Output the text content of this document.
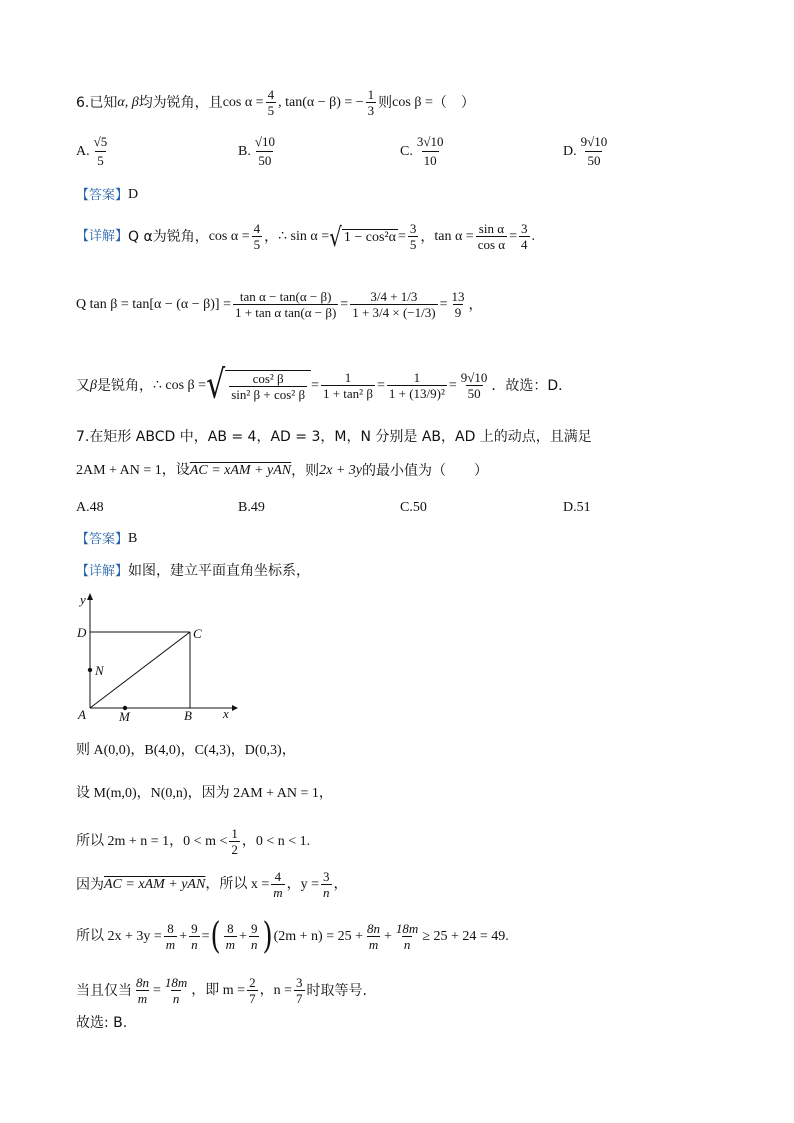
6.已知 α, β 均为锐角，且 $\cos \alpha = \frac{4}{5}$ , tan(α − β) = − $\frac{1}{3}$ 则 cos β = （　）
A.
√5
5
B.
√10
50
C.
3√10
10
D.
9√10
50
【答案】 D
【详解】 Q α为锐角， $\cos \alpha = \frac{4}{5}$ ， ∴ sin α = √ $1 - \cos^2\alpha = \frac{3}{5}$ ， $\tan \alpha = \frac{\text{sin α}}{\text{cos α}} = \frac{3}{4}$ .
Q $\tan \beta = \tan[\alpha - (\alpha - \beta)] = \frac{\text{tan α − tan(α − β)}}{\text{1 + tan α tan(α − β)}} = \frac{3/4 + 1/3}{1 + 3/4 \times (-1/3)} = \frac{13}{9}$ ，
又 β 是锐角， ∴ cos β = √ $\frac{\text{cos² β}}{\text{sin² β + cos² β}} = \frac{1}{\text{1 + tan² β}} = \frac{1}{\text{1 + (13/9)²}} = \frac{9√10}{50}$ ．故选：D．
7.在矩形 ABCD 中，AB = 4，AD = 3，M，N 分别是 AB，AD 上的动点，且满足
2AM + AN = 1，设 AC = xAM + yAN ，则 2x + 3y 的最小值为（　　）
A.48	B.49	C.50	D.51
【答案】 B
【详解】 如图，建立平面直角坐标系，
y
x
A	B
C
D
M
N
则 A(0,0)，B(4,0)，C(4,3)，D(0,3)，
设 M(m,0)，N(0,n)，因为 2AM + AN = 1，
所以 2m + n = 1，0 < m < 1
2
，0 < n < 1.
因为 AC = xAM + yAN ，所以 $x = \frac{4}{m}$ ，$y = \frac{3}{n}$ ，
所以 $2x + 3y = \frac{8}{m} + \frac{9}{n}$ = ( 8
m
+ $\frac{9}{n}$ ) $(2m + n) = 25 + \frac{8n}{m} + \frac{18m}{n} \ge 25 + 24 = 49$.
当且仅当 $\frac{8n}{m} = \frac{18m}{n}$ ，即 $m = \frac{2}{7}$ ，$n = \frac{3}{7}$ 时取等号.
故选: B.
